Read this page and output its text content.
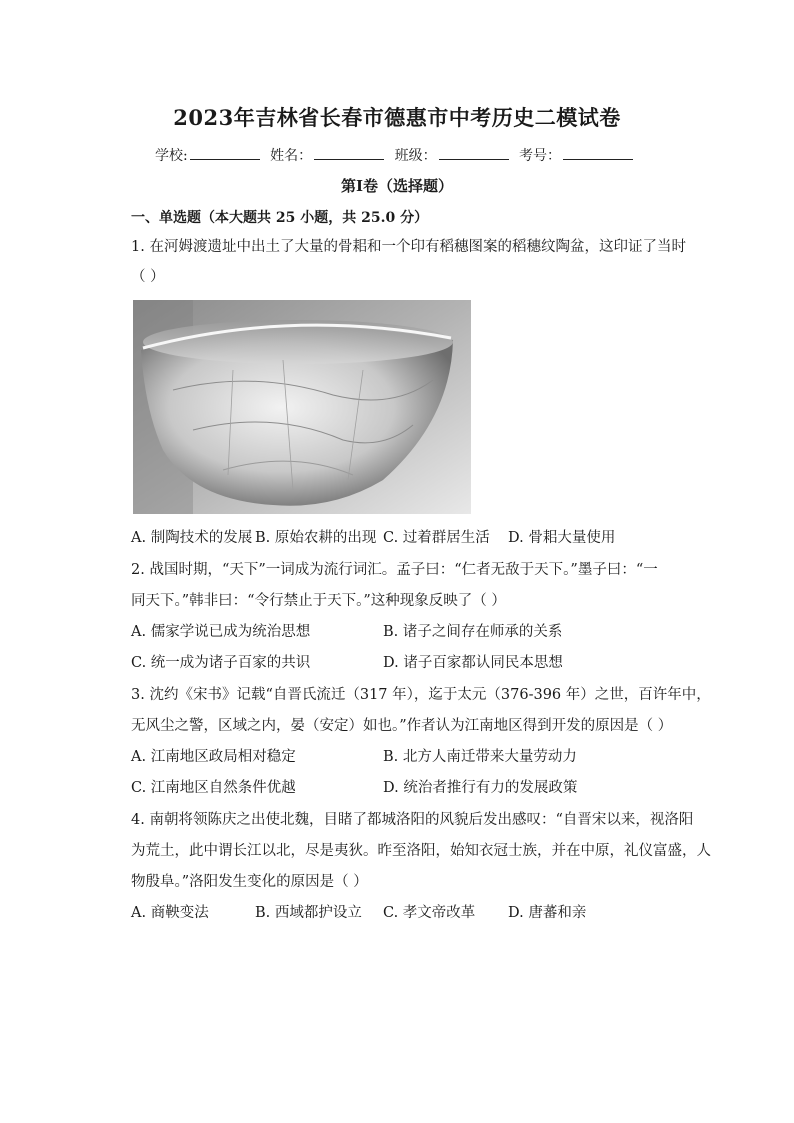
2023年吉林省长春市德惠市中考历史二模试卷
学校:	姓名：	班级：	考号：
第Ⅰ卷（选择题）
一、单选题（本大题共 25 小题，共 25.0 分）
1. 在河姆渡遗址中出土了大量的骨耜和一个印有稻穗图案的稻穗纹陶盆，这印证了当时
（ ）
A. 制陶技术的发展 B. 原始农耕的出现 C. 过着群居生活 D. 骨耜大量使用
2. 战国时期，“天下”一词成为流行词汇。孟子曰：“仁者无敌于天下。”墨子曰：“一
同天下。”韩非曰：“令行禁止于天下。”这种现象反映了（ ）
A. 儒家学说已成为统治思想	B. 诸子之间存在师承的关系
C. 统一成为诸子百家的共识	D. 诸子百家都认同民本思想
3. 沈约《宋书》记载“自晋氏流迁（317 年），迄于太元（376-396 年）之世，百许年中，
无风尘之警，区域之内，晏（安定）如也。”作者认为江南地区得到开发的原因是（ ）
A. 江南地区政局相对稳定	B. 北方人南迁带来大量劳动力
C. 江南地区自然条件优越	D. 统治者推行有力的发展政策
4. 南朝将领陈庆之出使北魏，目睹了都城洛阳的风貌后发出感叹：“自晋宋以来，视洛阳
为荒土，此中谓长江以北，尽是夷狄。昨至洛阳，始知衣冠士族，并在中原，礼仪富盛，人
物殷阜。”洛阳发生变化的原因是（ ）
A. 商鞅变法	B. 西域都护设立 C. 孝文帝改革 D. 唐蕃和亲
